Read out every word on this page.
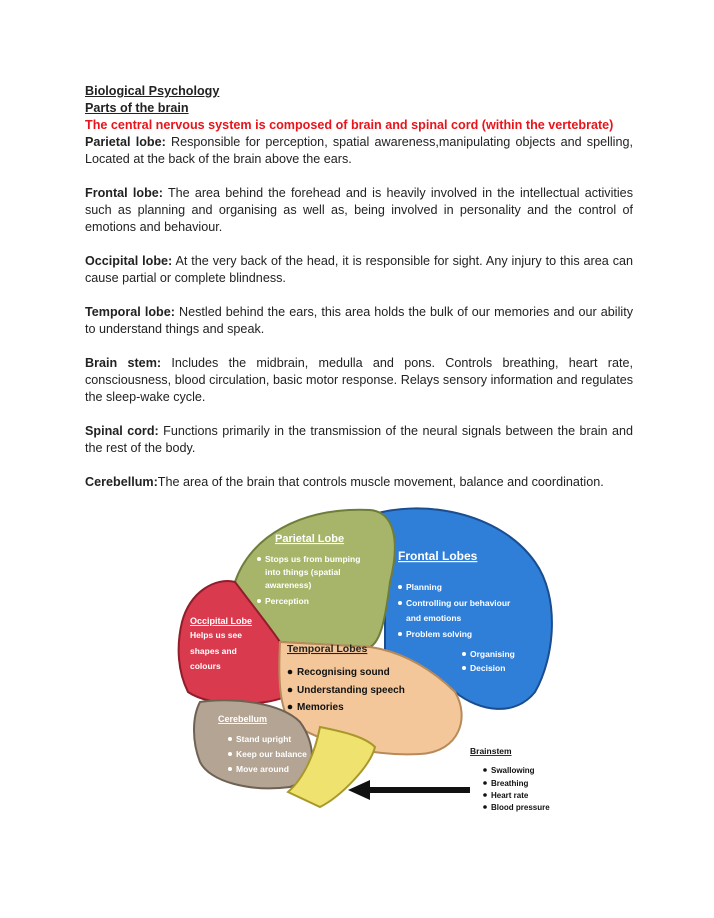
Biological Psychology

Parts of the brain

The central nervous system is composed of brain and spinal cord (within the vertebrate)

Parietal lobe: Responsible for perception, spatial awareness,manipulating objects and spelling, Located at the back of the brain above the ears.

Frontal lobe: The area behind the forehead and is heavily involved in the intellectual activities such as planning and organising as well as, being involved in personality and the control of emotions and behaviour.

Occipital lobe: At the very back of the head, it is responsible for sight. Any injury to this area can cause partial or complete blindness.

Temporal lobe: Nestled behind the ears, this area holds the bulk of our memories and our ability to understand things and speak.

Brain stem: Includes the midbrain, medulla and pons. Controls breathing, heart rate, consciousness, blood circulation, basic motor response. Relays sensory information and regulates the sleep-wake cycle.

Spinal cord: Functions primarily in the transmission of the neural signals between the brain and the rest of the body.

Cerebellum:The area of the brain that controls muscle movement, balance and coordination.

Parietal Lobe
Stops us from bumping
into things (spatial
awareness)
Perception
Frontal Lobes
Planning
Controlling our behaviour
and emotions
Problem solving
Organising
Decision
Occipital Lobe
Helps us see
shapes and
colours
Temporal Lobes
Recognising sound
Understanding speech
Memories
Cerebellum
Stand upright
Keep our balance
Move around
Brainstem
Swallowing
Breathing
Heart rate
Blood pressure
